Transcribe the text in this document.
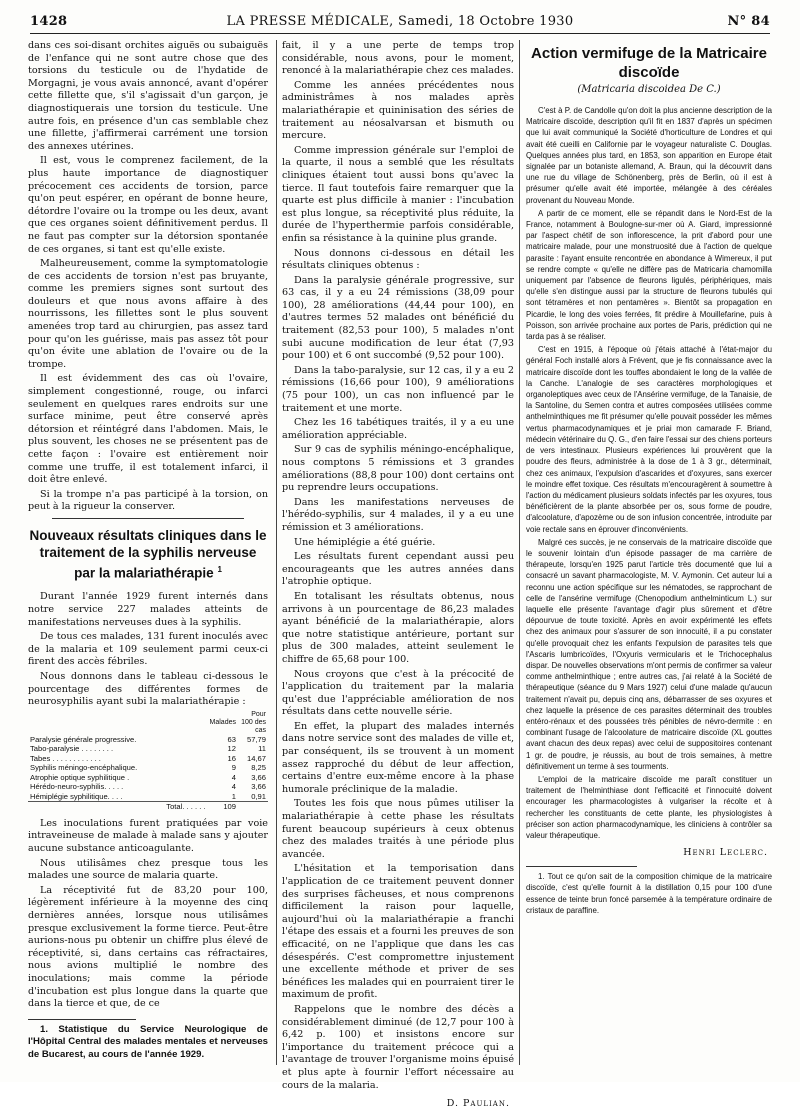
1428	LA PRESSE MÉDICALE, Samedi, 18 Octobre 1930	N° 84

dans ces soi-disant orchites aiguës ou subaiguës de l'enfance qui ne sont autre chose que des torsions du testicule ou de l'hydatide de Morgagni, je vous avais annoncé, avant d'opérer cette fillette que, s'il s'agissait d'un garçon, je diagnostiquerais une torsion du testicule. Une autre fois, en présence d'un cas semblable chez une fillette, j'affirmerai carrément une torsion des annexes utérines.

Il est, vous le comprenez facilement, de la plus haute importance de diagnostiquer précocement ces accidents de torsion, parce qu'on peut espérer, en opérant de bonne heure, détordre l'ovaire ou la trompe ou les deux, avant que ces organes soient définitivement perdus. Il ne faut pas compter sur la détorsion spontanée de ces organes, si tant est qu'elle existe.

Malheureusement, comme la symptomatologie de ces accidents de torsion n'est pas bruyante, comme les premiers signes sont surtout des douleurs et que nous avons affaire à des nourrissons, les fillettes sont le plus souvent amenées trop tard au chirurgien, pas assez tard pour qu'on les guérisse, mais pas assez tôt pour qu'on évite une ablation de l'ovaire ou de la trompe.

Il est évidemment des cas où l'ovaire, simplement congestionné, rouge, ou infarci seulement en quelques rares endroits sur une surface minime, peut être conservé après détorsion et réintégré dans l'abdomen. Mais, le plus souvent, les choses ne se présentent pas de cette façon : l'ovaire est entièrement noir comme une truffe, il est totalement infarci, il doit être enlevé.

Si la trompe n'a pas participé à la torsion, on peut à la rigueur la conserver.

Nouveaux résultats cliniques dans le traitement de la syphilis nerveuse par la malariathérapie $^1$

Durant l'année 1929 furent internés dans notre service 227 malades atteints de manifestations nerveuses dues à la syphilis.

De tous ces malades, 131 furent inoculés avec de la malaria et 109 seulement parmi ceux-ci firent des accès fébriles.

Nous donnons dans le tableau ci-dessous le pourcentage des différentes formes de neurosyphilis ayant subi la malariathérapie :

	Malades	Pour 100 des cas
Paralysie générale progressive.	63	57,79
Tabo-paralysie . . . . . . . .	12	11
Tabes . . . . . . . . . . . .	16	14,67
Syphilis méningo-encéphalique.	9	8,25
Atrophie optique syphilitique .	4	3,66
Hérédo-neuro-syphilis. . . . .	4	3,66
Hémiplégie syphilitique. . . .	1	0,91
Total. . . . . .	109	

Les inoculations furent pratiquées par voie intraveineuse de malade à malade sans y ajouter aucune substance anticoagulante.

Nous utilisâmes chez presque tous les malades une source de malaria quarte.

La réceptivité fut de 83,20 pour 100, légèrement inférieure à la moyenne des cinq dernières années, lorsque nous utilisâmes presque exclusivement la forme tierce. Peut-être aurions-nous pu obtenir un chiffre plus élevé de réceptivité, si, dans certains cas réfractaires, nous avions multiplié le nombre des inoculations; mais comme la période d'incubation est plus longue dans la quarte que dans la tierce et que, de ce

1. Statistique du Service Neurologique de l'Hôpital Central des malades mentales et nerveuses de Bucarest, au cours de l'année 1929.

fait, il y a une perte de temps trop considérable, nous avons, pour le moment, renoncé à la malariathérapie chez ces malades.

Comme les années précédentes nous administrâmes à nos malades après malariathérapie et quininisation des séries de traitement au néosalvarsan et bismuth ou mercure.

Comme impression générale sur l'emploi de la quarte, il nous a semblé que les résultats cliniques étaient tout aussi bons qu'avec la tierce. Il faut toutefois faire remarquer que la quarte est plus difficile à manier : l'incubation est plus longue, sa réceptivité plus réduite, la durée de l'hyperthermie parfois considérable, enfin sa résistance à la quinine plus grande.

Nous donnons ci-dessous en détail les résultats cliniques obtenus :

Dans la paralysie générale progressive, sur 63 cas, il y a eu 24 rémissions (38,09 pour 100), 28 améliorations (44,44 pour 100), en d'autres termes 52 malades ont bénéficié du traitement (82,53 pour 100), 5 malades n'ont subi aucune modification de leur état (7,93 pour 100) et 6 ont succombé (9,52 pour 100).

Dans la tabo-paralysie, sur 12 cas, il y a eu 2 rémissions (16,66 pour 100), 9 améliorations (75 pour 100), un cas non influencé par le traitement et une morte.

Chez les 16 tabétiques traités, il y a eu une amélioration appréciable.

Sur 9 cas de syphilis méningo-encéphalique, nous comptons 5 rémissions et 3 grandes améliorations (88,8 pour 100) dont certains ont pu reprendre leurs occupations.

Dans les manifestations nerveuses de l'hérédo-syphilis, sur 4 malades, il y a eu une rémission et 3 améliorations.

Une hémiplégie a été guérie.

Les résultats furent cependant aussi peu encourageants que les autres années dans l'atrophie optique.

En totalisant les résultats obtenus, nous arrivons à un pourcentage de 86,23 malades ayant bénéficié de la malariathérapie, alors que notre statistique antérieure, portant sur plus de 300 malades, atteint seulement le chiffre de 65,68 pour 100.

Nous croyons que c'est à la précocité de l'application du traitement par la malaria qu'est due l'appréciable amélioration de nos résultats dans cette nouvelle série.

En effet, la plupart des malades internés dans notre service sont des malades de ville et, par conséquent, ils se trouvent à un moment assez rapproché du début de leur affection, certains d'entre eux-même encore à la phase humorale préclinique de la maladie.

Toutes les fois que nous pûmes utiliser la malariathérapie à cette phase les résultats furent beaucoup supérieurs à ceux obtenus chez des malades traités à une période plus avancée.

L'hésitation et la temporisation dans l'application de ce traitement peuvent donner des surprises fâcheuses, et nous comprenons difficilement la raison pour laquelle, aujourd'hui où la malariathérapie a franchi l'étape des essais et a fourni les preuves de son efficacité, on ne l'applique que dans les cas désespérés. C'est compromettre injustement une excellente méthode et priver de ses bénéfices les malades qui en pourraient tirer le maximum de profit.

Rappelons que le nombre des décès a considérablement diminué (de 12,7 pour 100 à 6,42 p. 100) et insistons encore sur l'importance du traitement précoce qui a l'avantage de trouver l'organisme moins épuisé et plus apte à fournir l'effort nécessaire au cours de la malaria.

D. Paulian.
Action vermifuge de la Matricaire discoïde
(Matricaria discoidea De C.)

C'est à P. de Candolle qu'on doit la plus ancienne description de la Matricaire discoïde, description qu'il fit en 1837 d'après un spécimen que lui avait communiqué la Société d'horticulture de Londres et qui avait été cueilli en Californie par le voyageur naturaliste C. Douglas. Quelques années plus tard, en 1853, son apparition en Europe était signalée par un botaniste allemand, A. Braun, qui la découvrit dans une rue du village de Schönenberg, près de Berlin, où il est à présumer qu'elle avait été importée, mélangée à des céréales provenant du Nouveau Monde.

A partir de ce moment, elle se répandit dans le Nord-Est de la France, notamment à Boulogne-sur-mer où A. Giard, impressionné par l'aspect chétif de son inflorescence, la prit d'abord pour une matricaire malade, pour une monstruosité due à l'action de quelque parasite : l'ayant ensuite rencontrée en abondance à Wimereux, il put se rendre compte « qu'elle ne diffère pas de Matricaria chamomilla uniquement par l'absence de fleurons ligulés, périphériques, mais qu'elle s'en distingue aussi par la structure de fleurons tubulés qui sont tétramères et non pentamères ». Bientôt sa propagation en Picardie, le long des voies ferrées, fit prédire à Mouillefarine, puis à Poisson, son arrivée prochaine aux portes de Paris, prédiction qui ne tarda pas à se réaliser.

C'est en 1915, à l'époque où j'étais attaché à l'état-major du général Foch installé alors à Frévent, que je fis connaissance avec la matricaire discoïde dont les touffes abondaient le long de la vallée de la Canche. L'analogie de ses caractères morphologiques et organoleptiques avec ceux de l'Ansérine vermifuge, de la Tanaisie, de la Santoline, du Semen contra et autres composées utilisées comme anthelminthiques me fit présumer qu'elle pouvait posséder les mêmes vertus pharmacodynamiques et je priai mon camarade F. Briand, médecin vétérinaire du Q. G., d'en faire l'essai sur des chiens porteurs de vers intestinaux. Plusieurs expériences lui prouvèrent que la poudre des fleurs, administrée à la dose de 1 à 3 gr., déterminait, chez ces animaux, l'expulsion d'ascarides et d'oxyures, sans exercer le moindre effet toxique. Ces résultats m'encouragèrent à soumettre à l'action du médicament plusieurs soldats infectés par les oxyures, tous bénéficièrent de la plante absorbée per os, sous forme de poudre, d'alcoolature, d'apozème ou de son infusion concentrée, introduite par voie rectale sans en éprouver d'inconvénients.

Malgré ces succès, je ne conservais de la matricaire discoïde que le souvenir lointain d'un épisode passager de ma carrière de thérapeute, lorsqu'en 1925 parut l'article très documenté que lui a consacré un savant pharmacologiste, M. V. Aymonin. Cet auteur lui a reconnu une action spécifique sur les nématodes, se rapprochant de celle de l'ansérine vermifuge (Chenopodium anthelminticum L.) sur laquelle elle présente l'avantage d'agir plus sûrement et d'être dépourvue de toute toxicité. Après en avoir expérimenté les effets chez des animaux pour s'assurer de son innocuité, il a pu constater qu'elle provoquait chez les enfants l'expulsion de parasites tels que l'Ascaris lumbricoïdes, l'Oxyuris vermicularis et le Trichocephalus dispar. De nouvelles observations m'ont permis de confirmer sa valeur comme anthelminthique ; entre autres cas, j'ai relaté à la Société de thérapeutique (séance du 9 Mars 1927) celui d'une malade qu'aucun traitement n'avait pu, depuis cinq ans, débarrasser de ses oxyures et chez laquelle la présence de ces parasites déterminait des troubles entéro-rénaux et des poussées très pénibles de névro-dermite : en combinant l'usage de l'alcoolature de matricaire discoïde (XL gouttes avant chacun des deux repas) avec celui de suppositoires contenant 1 gr. de poudre, je réussis, au bout de trois semaines, à mettre définitivement un terme à ses tourments.

L'emploi de la matricaire discoïde me paraît constituer un traitement de l'helminthiase dont l'efficacité et l'innocuité doivent encourager les pharmacologistes à vulgariser la récolte et à rechercher les constituants de cette plante, les physiologistes à préciser son action pharmacodynamique, les cliniciens à contrôler sa valeur thérapeutique.

Henri Leclerc.

1. Tout ce qu'on sait de la composition chimique de la matricaire discoïde, c'est qu'elle fournit à la distillation 0,15 pour 100 d'une essence de teinte brun foncé parsemée à la température ordinaire de cristaux de paraffine.
